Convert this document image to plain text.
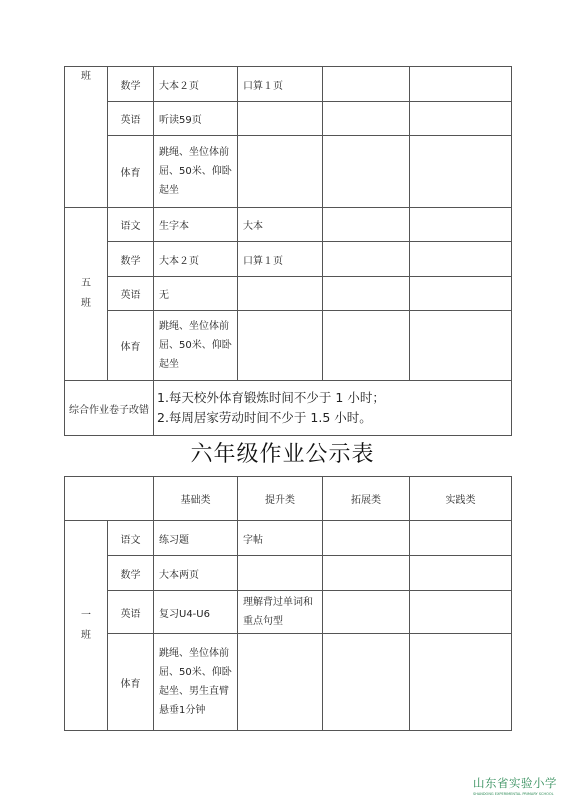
班	数学	大本２页	口算１页		
	英语	听读59页			
	体育	跳绳、坐位体前屈、50米、仰卧起坐			

五
班	语文	生字本	大本		
	数学	大本２页	口算１页		
	英语	无			
	体育	跳绳、坐位体前屈、50米、仰卧起坐			
综合作业卷子改错		1.每天校外体育锻炼时间不少于 1 小时；
2.每周居家劳动时间不少于 1.5 小时。			
六年级作业公示表
		基础类	提升类	拓展类	实践类

一
班	语文	练习题	字帖		
	数学	大本两页			
	英语	复习U4-U6	理解背过单词和重点句型		
	体育	跳绳、坐位体前屈、50米、仰卧起坐、男生直臂悬垂1分钟			
山东省实验小学
SHANDONG EXPERIMENTAL PRIMARY SCHOOL
